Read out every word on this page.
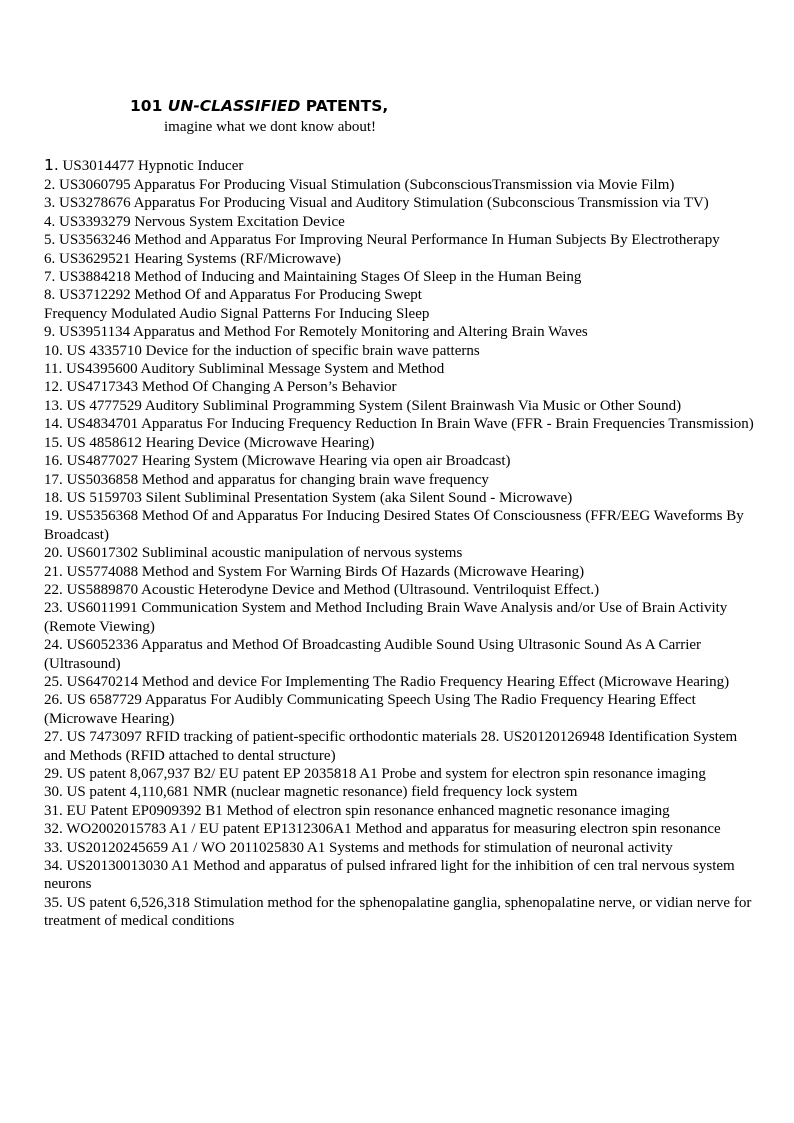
101 UN-CLASSIFIED PATENTS,
imagine what we dont know about!
1. US3014477 Hypnotic Inducer
2. US3060795 Apparatus For Producing Visual Stimulation (SubconsciousTransmission via Movie Film)
3. US3278676 Apparatus For Producing Visual and Auditory Stimulation (Subconscious Transmission via TV)
4. US3393279 Nervous System Excitation Device
5. US3563246 Method and Apparatus For Improving Neural Performance In Human Subjects By Electrotherapy
6. US3629521 Hearing Systems (RF/Microwave)
7. US3884218 Method of Inducing and Maintaining Stages Of Sleep in the Human Being
8. US3712292 Method Of and Apparatus For Producing Swept
Frequency Modulated Audio Signal Patterns For Inducing Sleep
9. US3951134 Apparatus and Method For Remotely Monitoring and Altering Brain Waves
10. US 4335710 Device for the induction of specific brain wave patterns
11. US4395600 Auditory Subliminal Message System and Method
12. US4717343 Method Of Changing A Person’s Behavior
13. US 4777529 Auditory Subliminal Programming System (Silent Brainwash Via Music or Other Sound)
14. US4834701 Apparatus For Inducing Frequency Reduction In Brain Wave (FFR - Brain Frequencies Transmission)
15. US 4858612 Hearing Device (Microwave Hearing)
16. US4877027 Hearing System (Microwave Hearing via open air Broadcast)
17. US5036858 Method and apparatus for changing brain wave frequency
18. US 5159703 Silent Subliminal Presentation System (aka Silent Sound - Microwave)
19. US5356368 Method Of and Apparatus For Inducing Desired States Of Consciousness (FFR/EEG Waveforms By Broadcast)
20. US6017302 Subliminal acoustic manipulation of nervous systems
21. US5774088 Method and System For Warning Birds Of Hazards (Microwave Hearing)
22. US5889870 Acoustic Heterodyne Device and Method (Ultrasound. Ventriloquist Effect.)
23. US6011991 Communication System and Method Including Brain Wave Analysis and/or Use of Brain Activity (Remote Viewing)
24. US6052336 Apparatus and Method Of Broadcasting Audible Sound Using Ultrasonic Sound As A Carrier (Ultrasound)
25. US6470214 Method and device For Implementing The Radio Frequency Hearing Effect (Microwave Hearing)
26. US 6587729 Apparatus For Audibly Communicating Speech Using The Radio Frequency Hearing Effect (Microwave Hearing)
27. US 7473097 RFID tracking of patient-specific orthodontic materials 28. US20120126948 Identification System and Methods (RFID attached to dental structure)
29. US patent 8,067,937 B2/ EU patent EP 2035818 A1 Probe and system for electron spin resonance imaging
30. US patent 4,110,681 NMR (nuclear magnetic resonance) field frequency lock system
31. EU Patent EP0909392 B1 Method of electron spin resonance enhanced magnetic resonance imaging
32. WO2002015783 A1 / EU patent EP1312306A1 Method and apparatus for measuring electron spin resonance
33. US20120245659 A1 / WO 2011025830 A1 Systems and methods for stimulation of neuronal activity
34. US20130013030 A1 Method and apparatus of pulsed infrared light for the inhibition of cen tral nervous system neurons
35. US patent 6,526,318 Stimulation method for the sphenopalatine ganglia, sphenopalatine nerve, or vidian nerve for treatment of medical conditions
